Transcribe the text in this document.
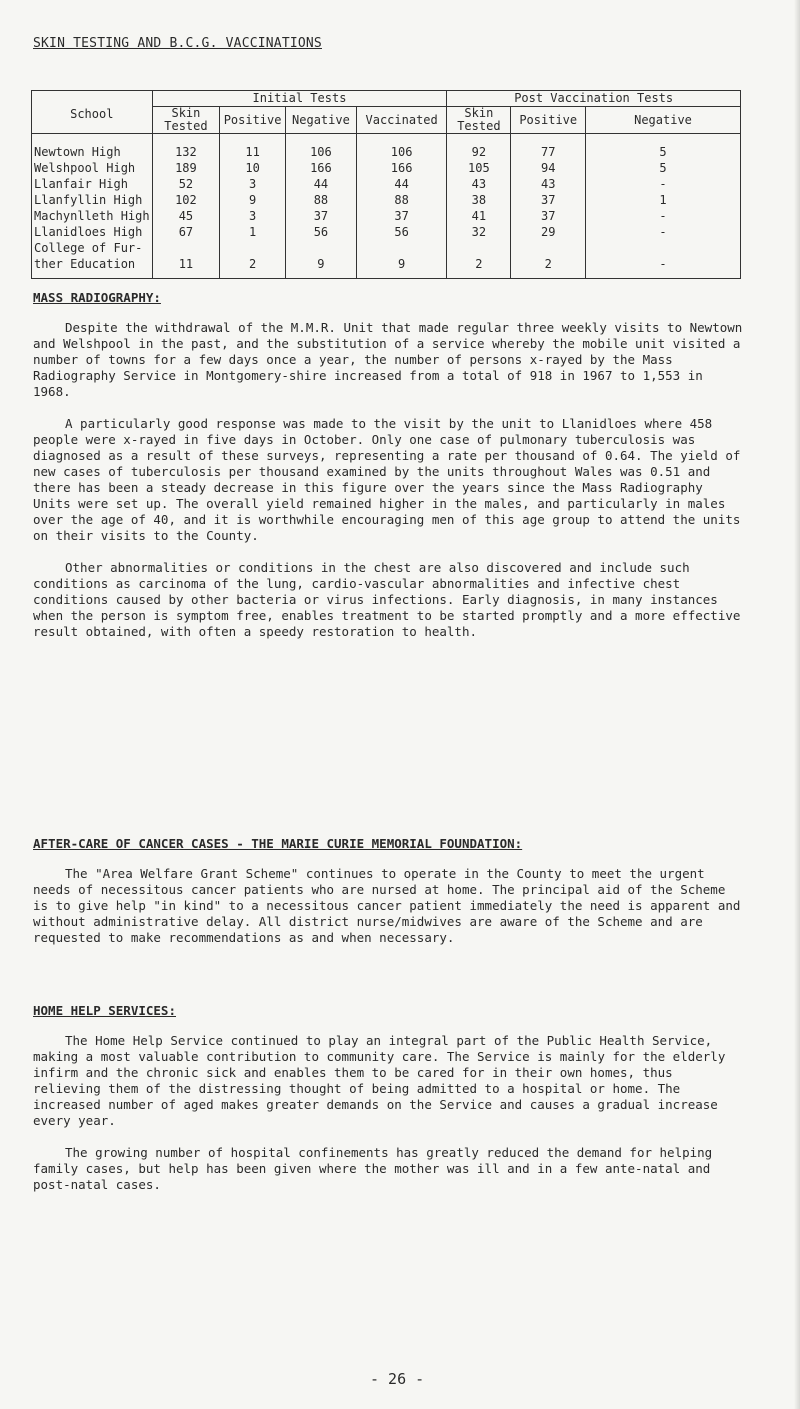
SKIN TESTING AND B.C.G. VACCINATIONS
School	Initial Tests				Post Vaccination Tests		
	Skin Tested	Positive	Negative	Vaccinated	Skin Tested	Positive	Negative
Newtown High	132	11	106	106	92	77	5
Welshpool High	189	10	166	166	105	94	5
Llanfair High	52	3	44	44	43	43	-
Llanfyllin High	102	9	88	88	38	37	1
Machynlleth High	45	3	37	37	41	37	-
Llanidloes High	67	1	56	56	32	29	-
College of Fur-							
ther Education	11	2	9	9	2	2	-
MASS RADIOGRAPHY:

Despite the withdrawal of the M.M.R. Unit that made regular three weekly visits to Newtown and Welshpool in the past, and the substitution of a service whereby the mobile unit visited a number of towns for a few days once a year, the number of persons x-rayed by the Mass Radiography Service in Montgomery-shire increased from a total of 918 in 1967 to 1,553 in 1968.

A particularly good response was made to the visit by the unit to Llanidloes where 458 people were x-rayed in five days in October. Only one case of pulmonary tuberculosis was diagnosed as a result of these surveys, representing a rate per thousand of 0.64. The yield of new cases of tuberculosis per thousand examined by the units throughout Wales was 0.51 and there has been a steady decrease in this figure over the years since the Mass Radiography Units were set up. The overall yield remained higher in the males, and particularly in males over the age of 40, and it is worthwhile encouraging men of this age group to attend the units on their visits to the County.

Other abnormalities or conditions in the chest are also discovered and include such conditions as carcinoma of the lung, cardio-vascular abnormalities and infective chest conditions caused by other bacteria or virus infections. Early diagnosis, in many instances when the person is symptom free, enables treatment to be started promptly and a more effective result obtained, with often a speedy restoration to health.

AFTER-CARE OF CANCER CASES - THE MARIE CURIE MEMORIAL FOUNDATION:

The "Area Welfare Grant Scheme" continues to operate in the County to meet the urgent needs of necessitous cancer patients who are nursed at home. The principal aid of the Scheme is to give help "in kind" to a necessitous cancer patient immediately the need is apparent and without administrative delay. All district nurse/midwives are aware of the Scheme and are requested to make recommendations as and when necessary.

HOME HELP SERVICES:

The Home Help Service continued to play an integral part of the Public Health Service, making a most valuable contribution to community care. The Service is mainly for the elderly infirm and the chronic sick and enables them to be cared for in their own homes, thus relieving them of the distressing thought of being admitted to a hospital or home. The increased number of aged makes greater demands on the Service and causes a gradual increase every year.

The growing number of hospital confinements has greatly reduced the demand for helping family cases, but help has been given where the mother was ill and in a few ante-natal and post-natal cases.

- 26 -
